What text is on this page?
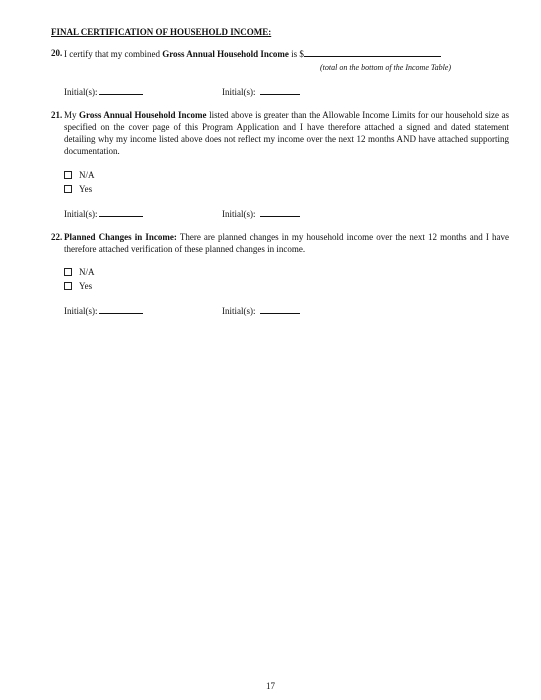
FINAL CERTIFICATION OF HOUSEHOLD INCOME:
20. I certify that my combined Gross Annual Household Income is $
(total on the bottom of the Income Table)
Initial(s):	Initial(s):
21. My Gross Annual Household Income listed above is greater than the Allowable Income Limits for our household size as specified on the cover page of this Program Application and I have therefore attached a signed and dated statement detailing why my income listed above does not reflect my income over the next 12 months AND have attached supporting documentation.
N/A
Yes
Initial(s):	Initial(s):
22. Planned Changes in Income: There are planned changes in my household income over the next 12 months and I have therefore attached verification of these planned changes in income.
N/A
Yes
Initial(s):	Initial(s):
17
